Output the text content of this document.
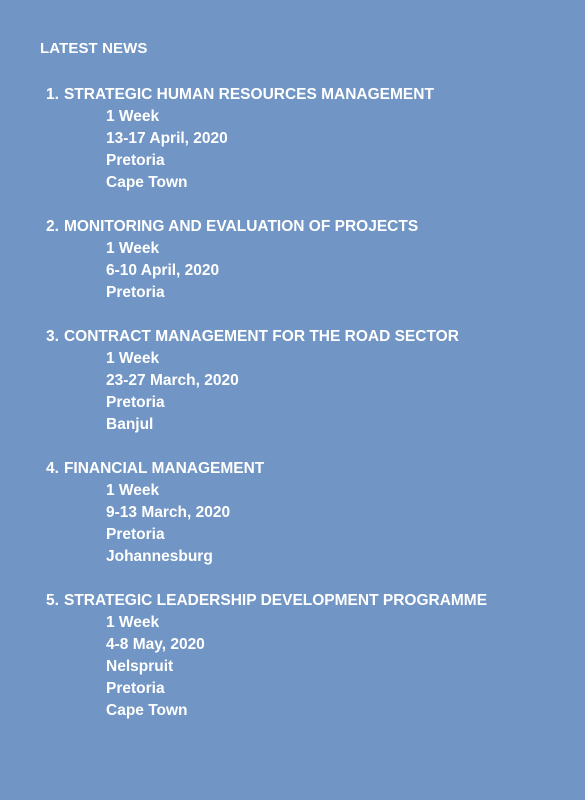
LATEST NEWS
1. STRATEGIC HUMAN RESOURCES MANAGEMENT
1 Week
13-17 April, 2020
Pretoria
Cape Town
2. MONITORING AND EVALUATION OF PROJECTS
1 Week
6-10 April, 2020
Pretoria
3. CONTRACT MANAGEMENT FOR THE ROAD SECTOR
1 Week
23-27 March, 2020
Pretoria
Banjul
4. FINANCIAL MANAGEMENT
1 Week
9-13 March, 2020
Pretoria
Johannesburg
5. STRATEGIC LEADERSHIP DEVELOPMENT PROGRAMME
1 Week
4-8 May, 2020
Nelspruit
Pretoria
Cape Town
